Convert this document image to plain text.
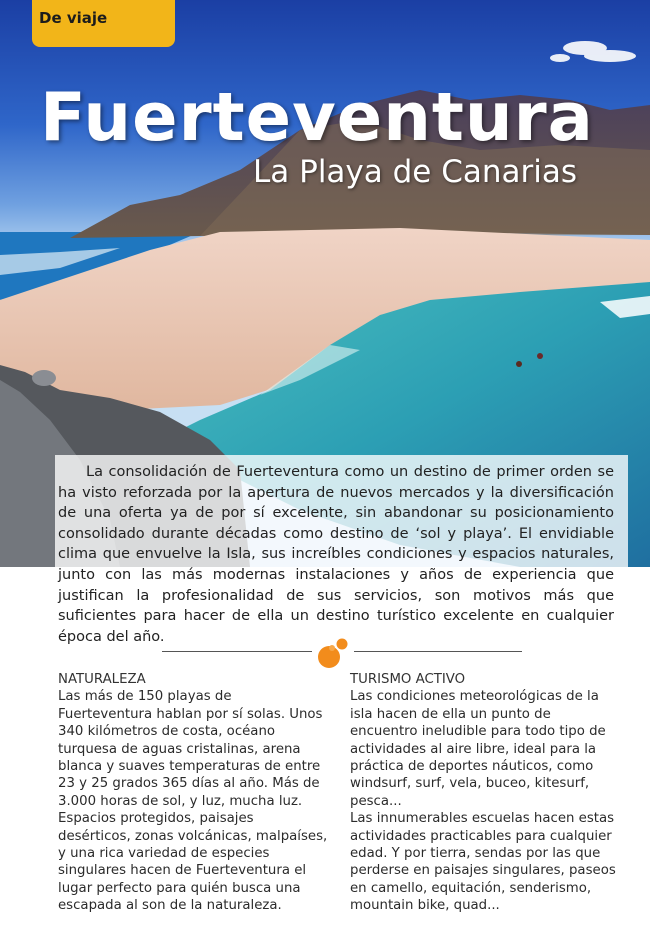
De viaje
Fuerteventura
La Playa de Canarias

La consolidación de Fuerteventura como un destino de primer orden se ha visto reforzada por la apertura de nuevos mercados y la diversificación de una oferta ya de por sí excelente, sin abandonar su posicionamiento consolidado durante décadas como destino de ‘sol y playa’. El envidiable clima que envuelve la Isla, sus increíbles condiciones y espacios naturales, junto con las más modernas instalaciones y años de experiencia que justifican la profesionalidad de sus servicios, son motivos más que suficientes para hacer de ella un destino turístico excelente en cualquier época del año.

NATURALEZA

Las más de 150 playas de Fuerteventura hablan por sí solas. Unos 340 kilómetros de costa, océano turquesa de aguas cristalinas, arena blanca y suaves temperaturas de entre 23 y 25 grados 365 días al año. Más de 3.000 horas de sol, y luz, mucha luz. Espacios protegidos, paisajes desérticos, zonas volcánicas, malpaíses, y una rica variedad de especies singulares hacen de Fuerteventura el lugar perfecto para quién busca una escapada al son de la naturaleza.

TURISMO ACTIVO

Las condiciones meteorológicas de la isla hacen de ella un punto de encuentro ineludible para todo tipo de actividades al aire libre, ideal para la práctica de deportes náuticos, como windsurf, surf, vela, buceo, kitesurf, pesca...

Las innumerables escuelas hacen estas actividades practicables para cualquier edad. Y por tierra, sendas por las que perderse en paisajes singulares, paseos en camello, equitación, senderismo, mountain bike, quad...
